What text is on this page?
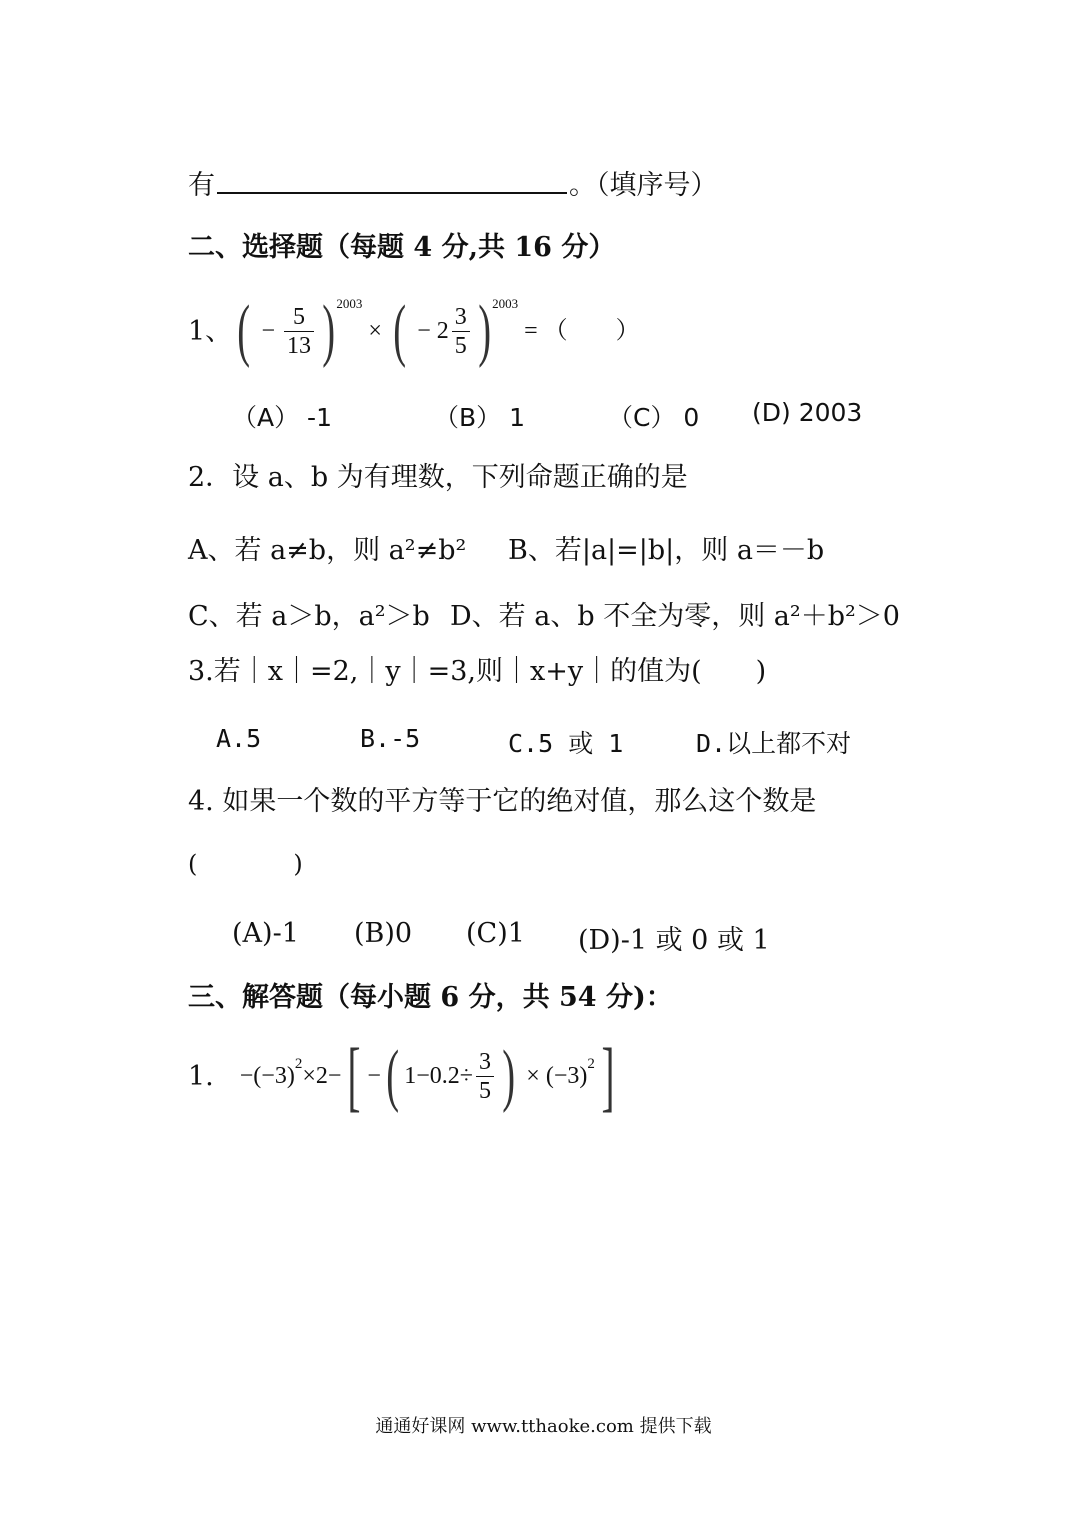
有	。（填序号）
二、选择题（每题 4 分,共 16 分）
1、 ( − $\frac{5}{13}$ ) 2003
× ( − $2 \frac{3}{5}$ ) 2003
= （　　）
（A） -1	（B） 1	（C） 0 (D) 2003
2．设 a、b 为有理数，下列命题正确的是
A、若 a≠b，则 a²≠b² B、若|a|=|b|，则 a＝－b
C、若 a＞b，a²＞b D、若 a、b 不全为零，则 a²＋b²＞0
3.若｜x｜=2,｜y｜=3,则｜x+y｜的值为(　　)
A.5	B.-5	C.5 或 1	D.以上都不对
4. 如果一个数的平方等于它的绝对值，那么这个数是
(　　　　)
(A)-1 (B)0 (C)1 (D)-1 或 0 或 1
三、解答题（每小题 6 分，共 54 分)：
1. −(−3) 2 ×2− [ − ( $1-0.2\div \frac{3}{5}$ ) × (−3) 2 ]
通通好课网 www.tthaoke.com 提供下载
